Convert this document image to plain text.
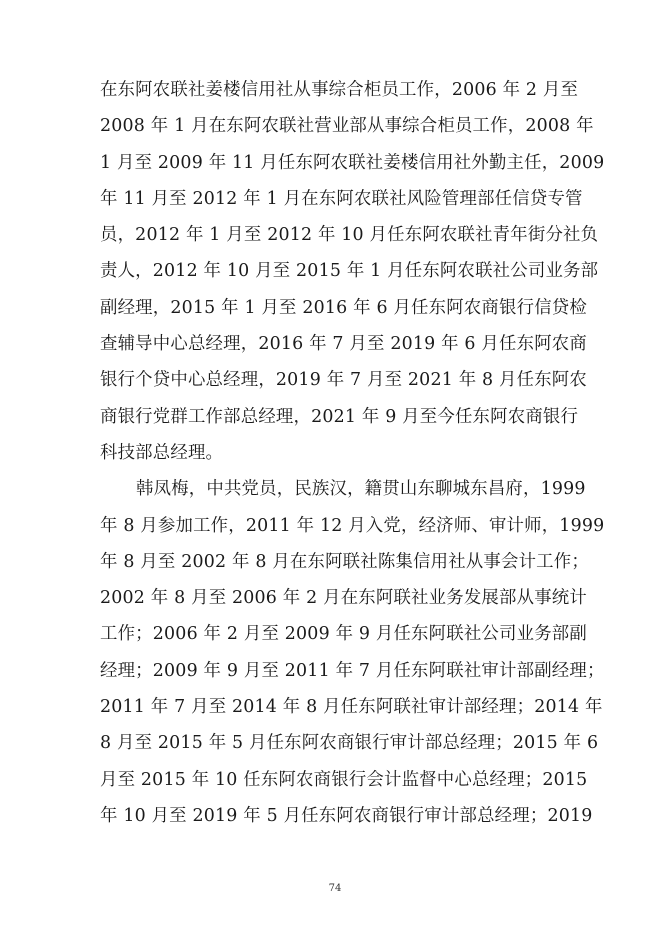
在东阿农联社姜楼信用社从事综合柜员工作，2006 年 2 月至
2008 年 1 月在东阿农联社营业部从事综合柜员工作，2008 年
1 月至 2009 年 11 月任东阿农联社姜楼信用社外勤主任，2009
年 11 月至 2012 年 1 月在东阿农联社风险管理部任信贷专管
员，2012 年 1 月至 2012 年 10 月任东阿农联社青年街分社负
责人，2012 年 10 月至 2015 年 1 月任东阿农联社公司业务部
副经理，2015 年 1 月至 2016 年 6 月任东阿农商银行信贷检
查辅导中心总经理，2016 年 7 月至 2019 年 6 月任东阿农商
银行个贷中心总经理，2019 年 7 月至 2021 年 8 月任东阿农
商银行党群工作部总经理，2021 年 9 月至今任东阿农商银行
科技部总经理。
韩凤梅，中共党员，民族汉，籍贯山东聊城东昌府，1999
年 8 月参加工作，2011 年 12 月入党，经济师、审计师，1999
年 8 月至 2002 年 8 月在东阿联社陈集信用社从事会计工作；
2002 年 8 月至 2006 年 2 月在东阿联社业务发展部从事统计
工作；2006 年 2 月至 2009 年 9 月任东阿联社公司业务部副
经理；2009 年 9 月至 2011 年 7 月任东阿联社审计部副经理；
2011 年 7 月至 2014 年 8 月任东阿联社审计部经理；2014 年
8 月至 2015 年 5 月任东阿农商银行审计部总经理；2015 年 6
月至 2015 年 10 任东阿农商银行会计监督中心总经理；2015
年 10 月至 2019 年 5 月任东阿农商银行审计部总经理；2019
74
